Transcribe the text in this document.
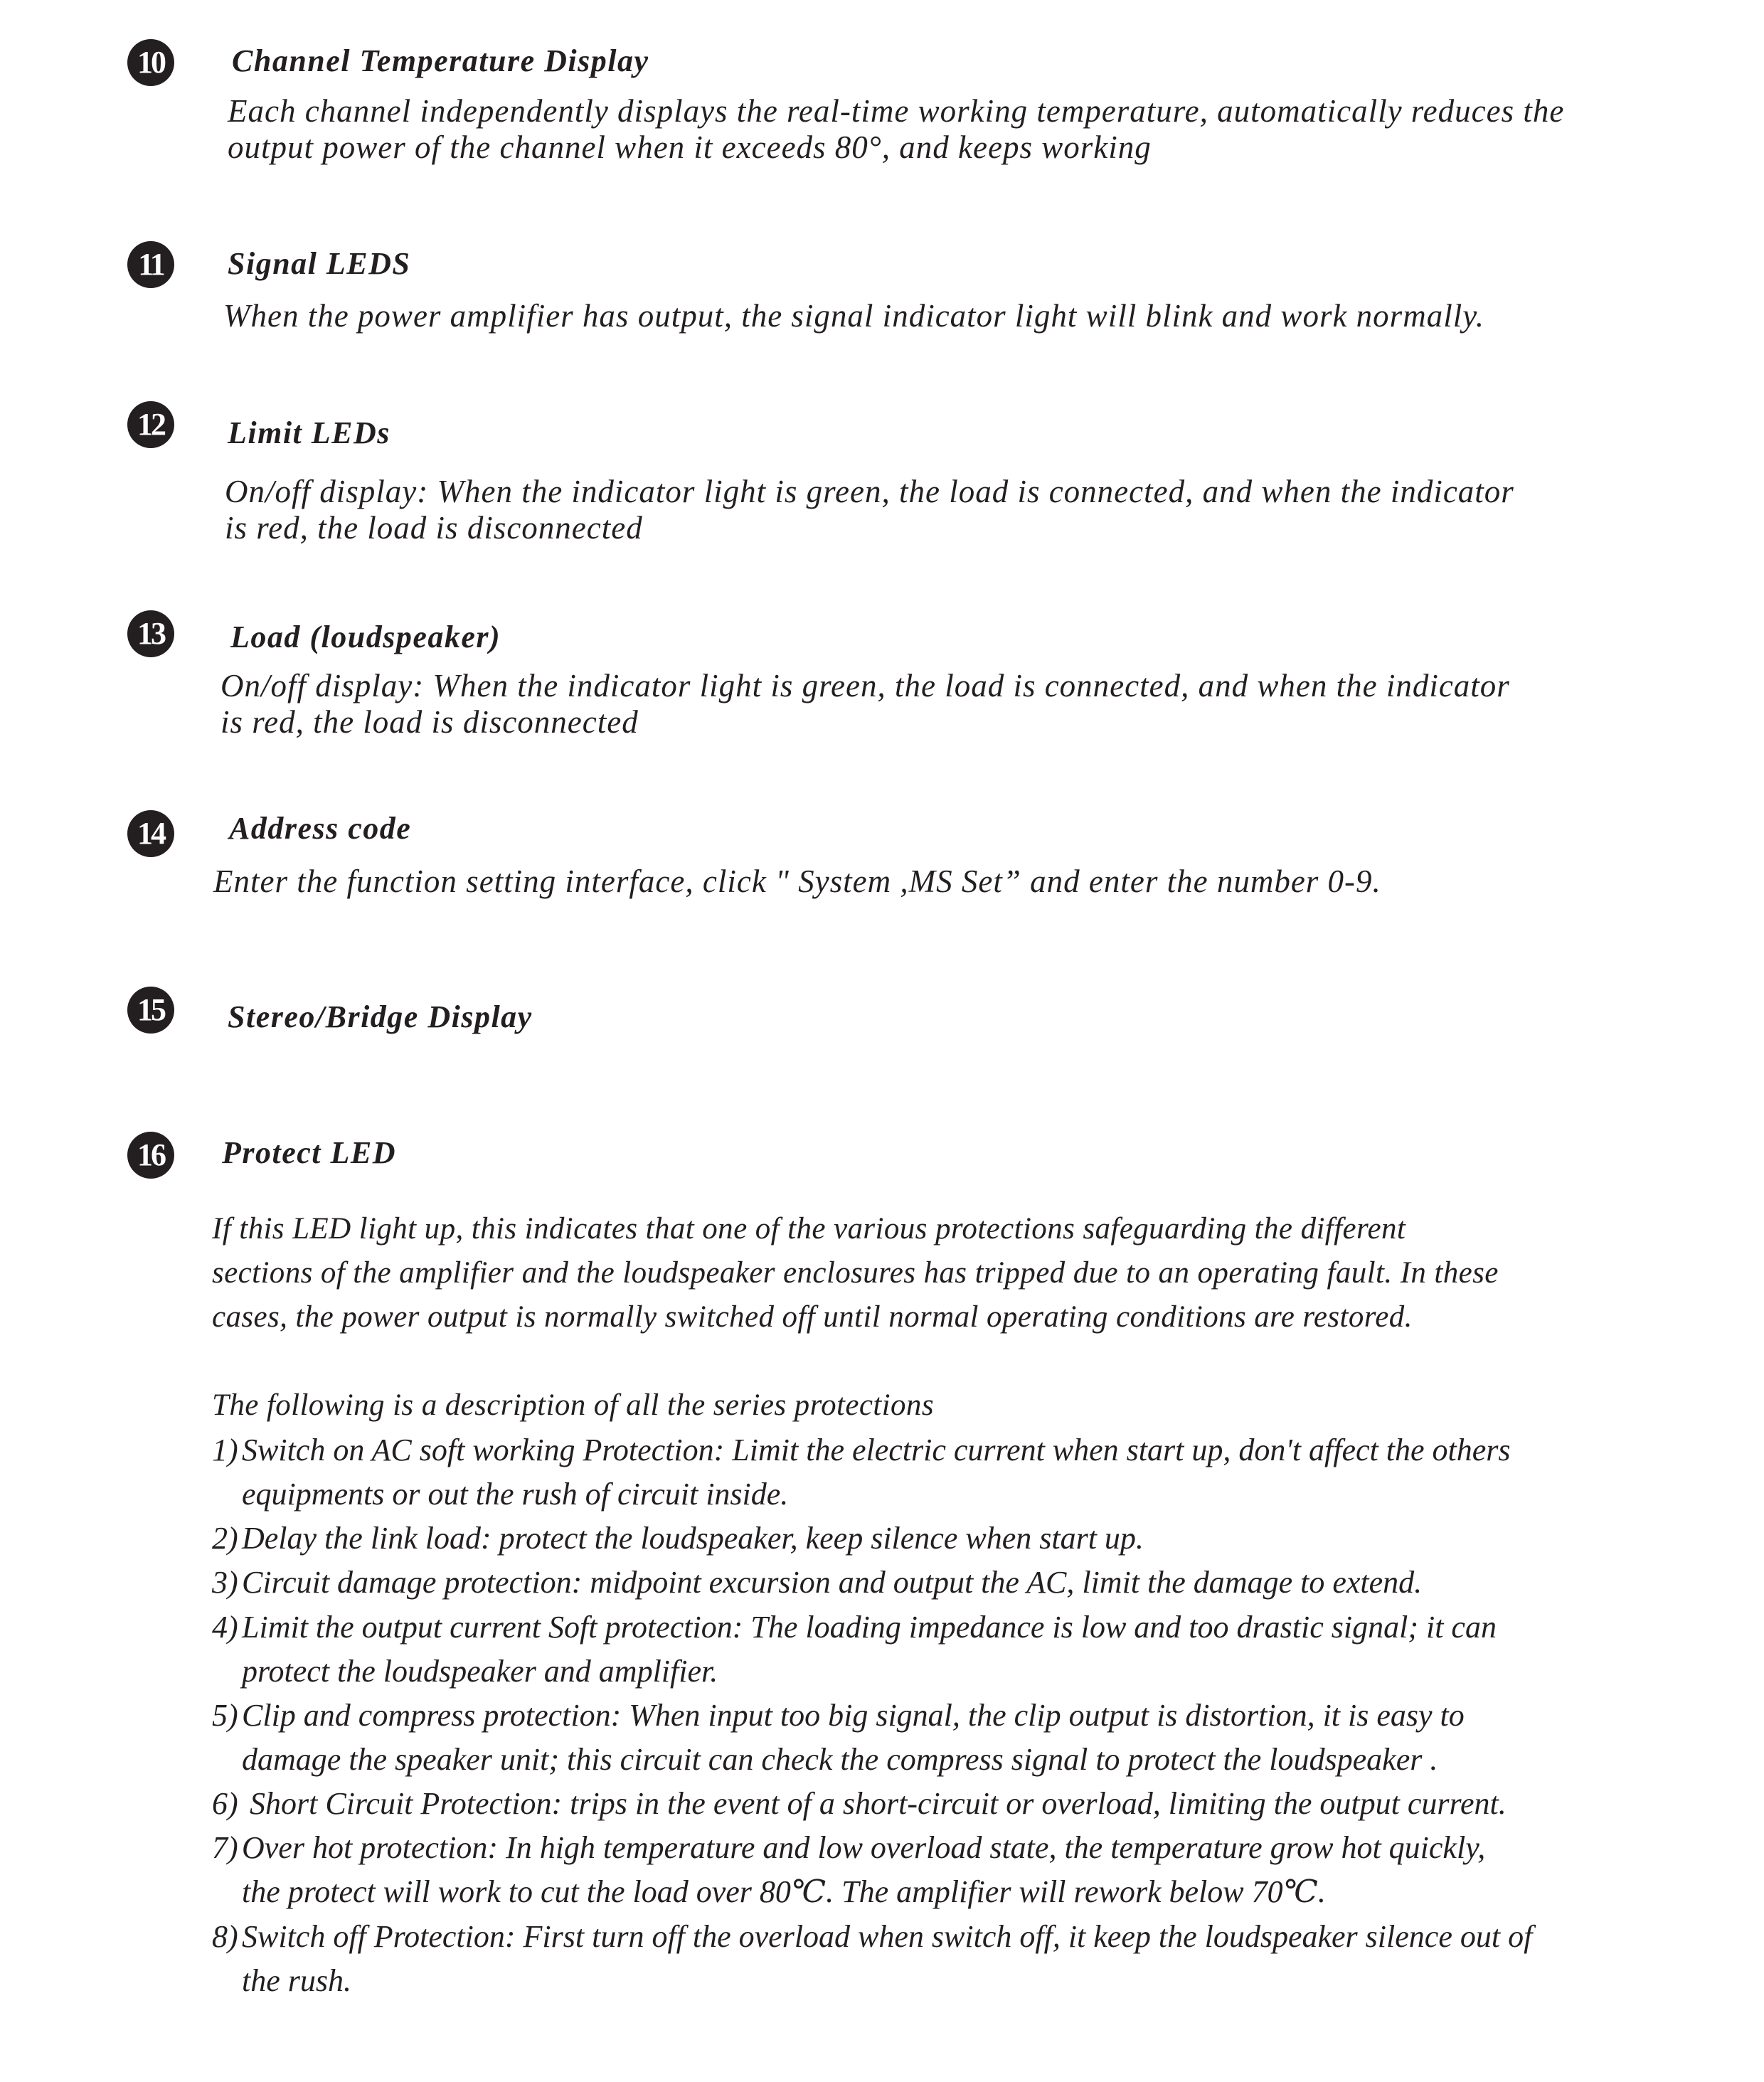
10	Channel Temperature Display
Each channel independently displays the real-time working temperature, automatically reduces the
output power of the channel when it exceeds 80°, and keeps working
11	Signal LEDS
When the power amplifier has output, the signal indicator light will blink and work normally.
12	Limit LEDs
On/off display: When the indicator light is green, the load is connected, and when the indicator
is red, the load is disconnected
13	Load (loudspeaker)
On/off display: When the indicator light is green, the load is connected, and when the indicator
is red, the load is disconnected
14	Address code
Enter the function setting interface, click " System ,MS Set” and enter the number 0-9.
15	Stereo/Bridge Display
16	Protect LED
If this LED light up, this indicates that one of the various protections safeguarding the different
sections of the amplifier and the loudspeaker enclosures has tripped due to an operating fault. In these
cases, the power output is normally switched off until normal operating conditions are restored.
The following is a description of all the series protections
1) Switch on AC soft working Protection: Limit the electric current when start up, don't affect the others
equipments or out the rush of circuit inside.
2) Delay the link load: protect the loudspeaker, keep silence when start up.
3) Circuit damage protection: midpoint excursion and output the AC, limit the damage to extend.
4) Limit the output current Soft protection: The loading impedance is low and too drastic signal; it can
protect the loudspeaker and amplifier.
5) Clip and compress protection: When input too big signal, the clip output is distortion, it is easy to
damage the speaker unit; this circuit can check the compress signal to protect the loudspeaker .
6) Short Circuit Protection: trips in the event of a short-circuit or overload, limiting the output current.
7) Over hot protection: In high temperature and low overload state, the temperature grow hot quickly,
the protect will work to cut the load over 80℃. The amplifier will rework below 70℃.
8) Switch off Protection: First turn off the overload when switch off, it keep the loudspeaker silence out of
the rush.
